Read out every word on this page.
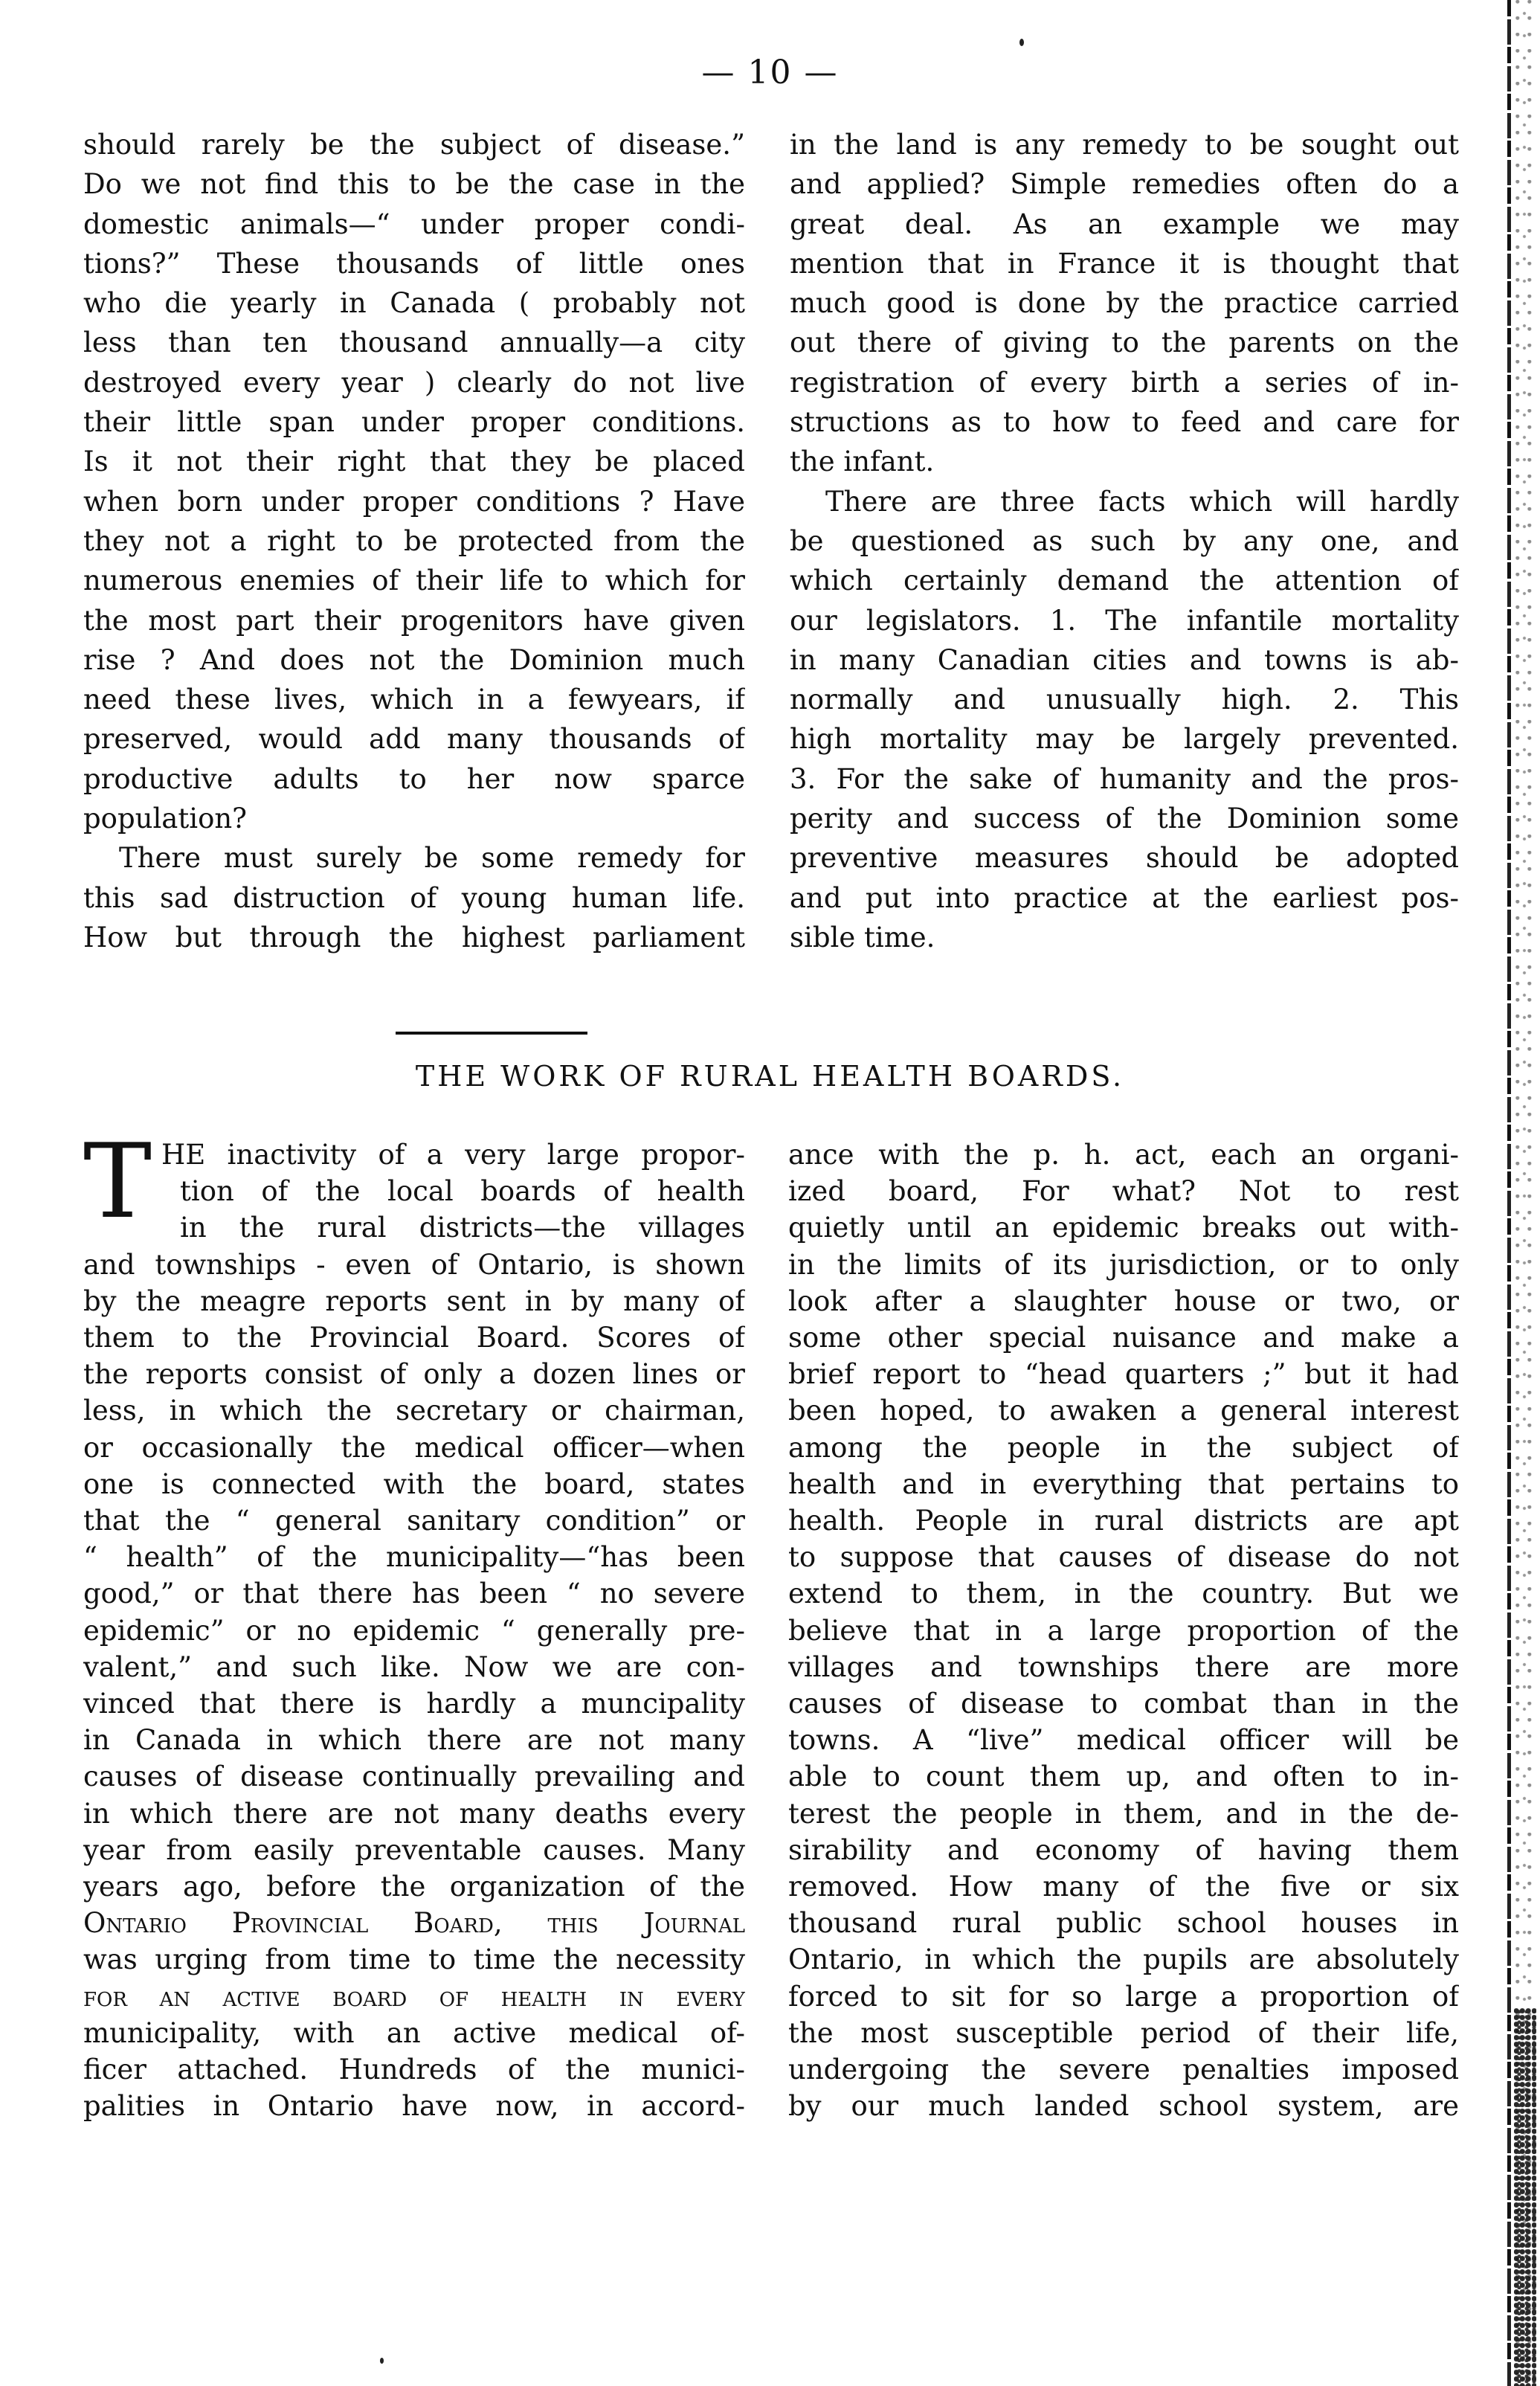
— 10 —
should rarely be the subject of disease.”
Do we not find this to be the case in the
domestic animals—“ under proper condi-
tions?” These thousands of little ones
who die yearly in Canada ( probably not
less than ten thousand annually—a city
destroyed every year ) clearly do not live
their little span under proper conditions.
Is it not their right that they be placed
when born under proper conditions ? Have
they not a right to be protected from the
numerous enemies of their life to which for
the most part their progenitors have given
rise ? And does not the Dominion much
need these lives, which in a fewyears, if
preserved, would add many thousands of
productive adults to her now sparce
population?
There must surely be some remedy for
this sad distruction of young human life.
How but through the highest parliament
in the land is any remedy to be sought out
and applied? Simple remedies often do a
great deal. As an example we may
mention that in France it is thought that
much good is done by the practice carried
out there of giving to the parents on the
registration of every birth a series of in-
structions as to how to feed and care for
the infant.
There are three facts which will hardly
be questioned as such by any one, and
which certainly demand the attention of
our legislators. 1. The infantile mortality
in many Canadian cities and towns is ab-
normally and unusually high. 2. This
high mortality may be largely prevented.
3. For the sake of humanity and the pros-
perity and success of the Dominion some
preventive measures should be adopted
and put into practice at the earliest pos-
sible time.
THE WORK OF RURAL HEALTH BOARDS.
T HE inactivity of a very large propor-
tion of the local boards of health
in the rural districts—the villages
and townships - even of Ontario, is shown
by the meagre reports sent in by many of
them to the Provincial Board. Scores of
the reports consist of only a dozen lines or
less, in which the secretary or chairman,
or occasionally the medical officer—when
one is connected with the board, states
that the “ general sanitary condition” or
“ health” of the municipality—“has been
good,” or that there has been “ no severe
epidemic” or no epidemic “ generally pre-
valent,” and such like. Now we are con-
vinced that there is hardly a muncipality
in Canada in which there are not many
causes of disease continually prevailing and
in which there are not many deaths every
year from easily preventable causes. Many
years ago, before the organization of the
Ontario Provincial Board, this Journal
was urging from time to time the necessity
for an active board of health in every
municipality, with an active medical of-
ficer attached. Hundreds of the munici-
palities in Ontario have now, in accord-
ance with the p. h. act, each an organi-
ized board, For what? Not to rest
quietly until an epidemic breaks out with-
in the limits of its jurisdiction, or to only
look after a slaughter house or two, or
some other special nuisance and make a
brief report to “head quarters ;” but it had
been hoped, to awaken a general interest
among the people in the subject of
health and in everything that pertains to
health. People in rural districts are apt
to suppose that causes of disease do not
extend to them, in the country. But we
believe that in a large proportion of the
villages and townships there are more
causes of disease to combat than in the
towns. A “live” medical officer will be
able to count them up, and often to in-
terest the people in them, and in the de-
sirability and economy of having them
removed. How many of the five or six
thousand rural public school houses in
Ontario, in which the pupils are absolutely
forced to sit for so large a proportion of
the most susceptible period of their life,
undergoing the severe penalties imposed
by our much landed school system, are
